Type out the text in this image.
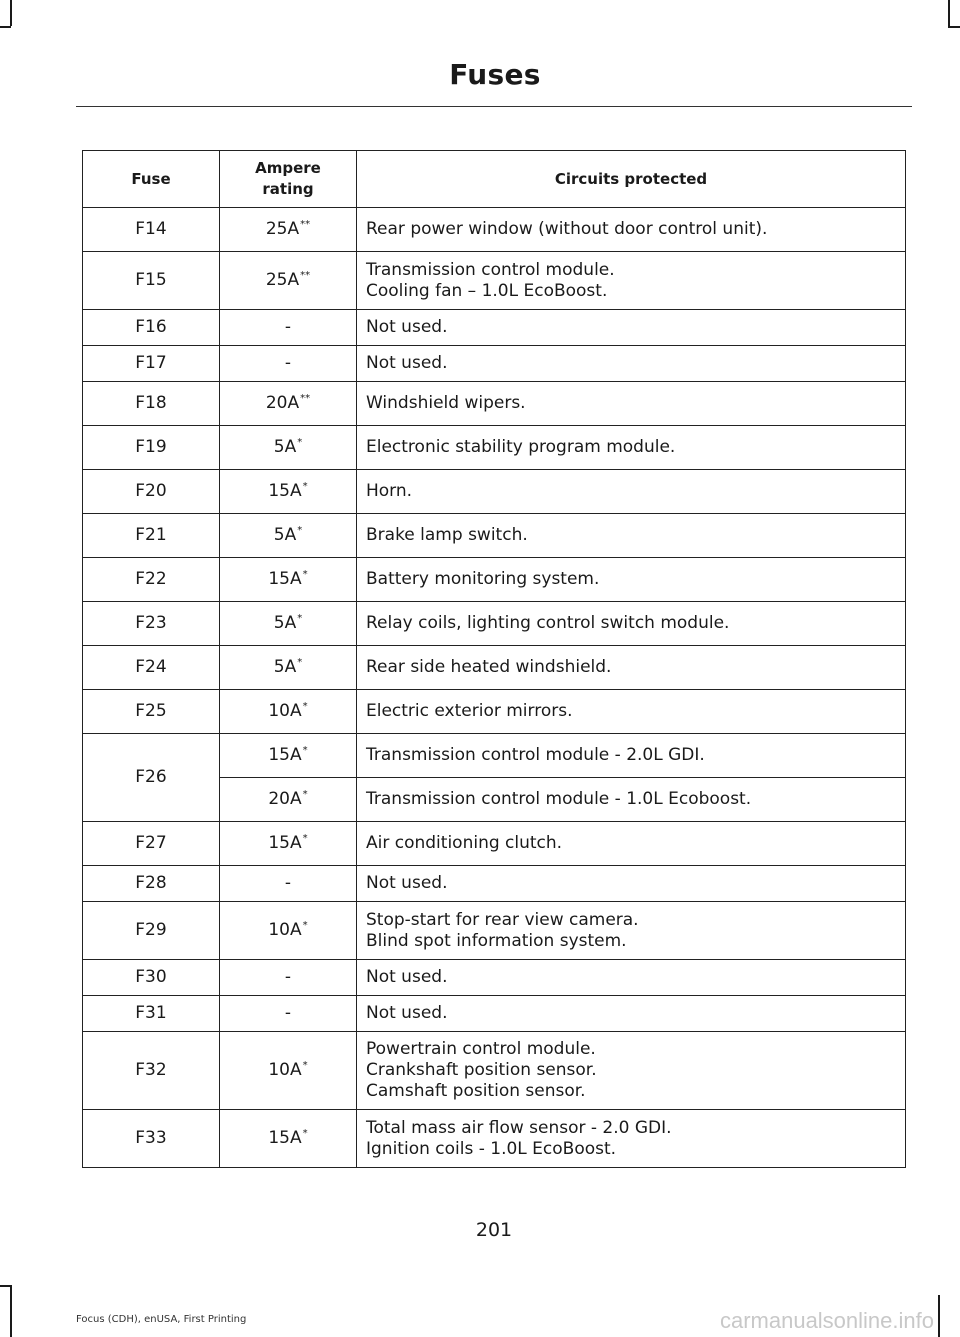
Fuses
Fuse	Ampere rating	Circuits protected
F14	25A**	Rear power window (without door control unit).

F15	25A**	Transmission control module.
Cooling fan – 1.0L EcoBoost.

F16	-	Not used.

F17	-	Not used.

F18	20A**	Windshield wipers.

F19	5A*	Electronic stability program module.

F20	15A*	Horn.

F21	5A*	Brake lamp switch.

F22	15A*	Battery monitoring system.

F23	5A*	Relay coils, lighting control switch module.

F24	5A*	Rear side heated windshield.

F25	10A*	Electric exterior mirrors.

F26	15A*	Transmission control module - 2.0L GDI.

	20A*	Transmission control module - 1.0L Ecoboost.

F27	15A*	Air conditioning clutch.

F28	-	Not used.

F29	10A*	Stop-start for rear view camera.
Blind spot information system.

F30	-	Not used.

F31	-	Not used.

F32	10A*	Powertrain control module.
Crankshaft position sensor.
Camshaft position sensor.

F33	15A*	Total mass air flow sensor - 2.0 GDI.
Ignition coils - 1.0L EcoBoost.
201
Focus (CDH), enUSA, First Printing	carmanualsonline.info
